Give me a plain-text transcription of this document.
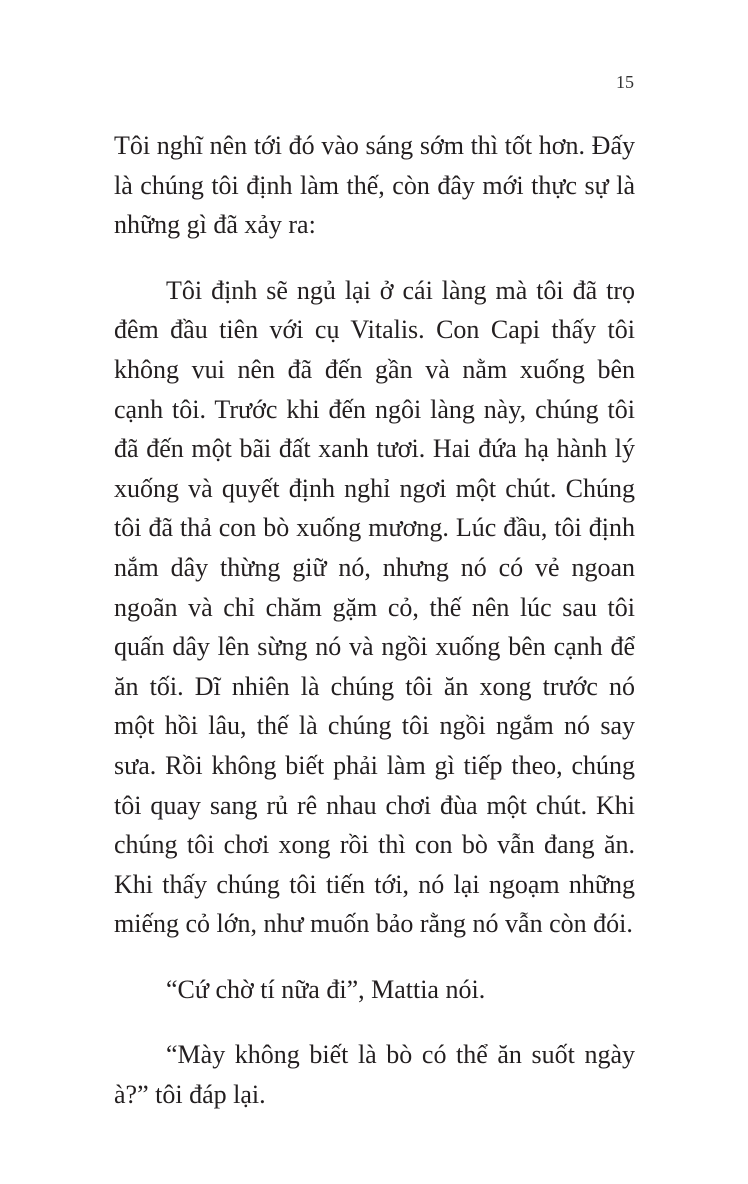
15

Tôi nghĩ nên tới đó vào sáng sớm thì tốt hơn. Đấy là chúng tôi định làm thế, còn đây mới thực sự là những gì đã xảy ra:

Tôi định sẽ ngủ lại ở cái làng mà tôi đã trọ đêm đầu tiên với cụ Vitalis. Con Capi thấy tôi không vui nên đã đến gần và nằm xuống bên cạnh tôi. Trước khi đến ngôi làng này, chúng tôi đã đến một bãi đất xanh tươi. Hai đứa hạ hành lý xuống và quyết định nghỉ ngơi một chút. Chúng tôi đã thả con bò xuống mương. Lúc đầu, tôi định nắm dây thừng giữ nó, nhưng nó có vẻ ngoan ngoãn và chỉ chăm gặm cỏ, thế nên lúc sau tôi quấn dây lên sừng nó và ngồi xuống bên cạnh để ăn tối. Dĩ nhiên là chúng tôi ăn xong trước nó một hồi lâu, thế là chúng tôi ngồi ngắm nó say sưa. Rồi không biết phải làm gì tiếp theo, chúng tôi quay sang rủ rê nhau chơi đùa một chút. Khi chúng tôi chơi xong rồi thì con bò vẫn đang ăn. Khi thấy chúng tôi tiến tới, nó lại ngoạm những miếng cỏ lớn, như muốn bảo rằng nó vẫn còn đói.

“Cứ chờ tí nữa đi”, Mattia nói.

“Mày không biết là bò có thể ăn suốt ngày à?” tôi đáp lại.
